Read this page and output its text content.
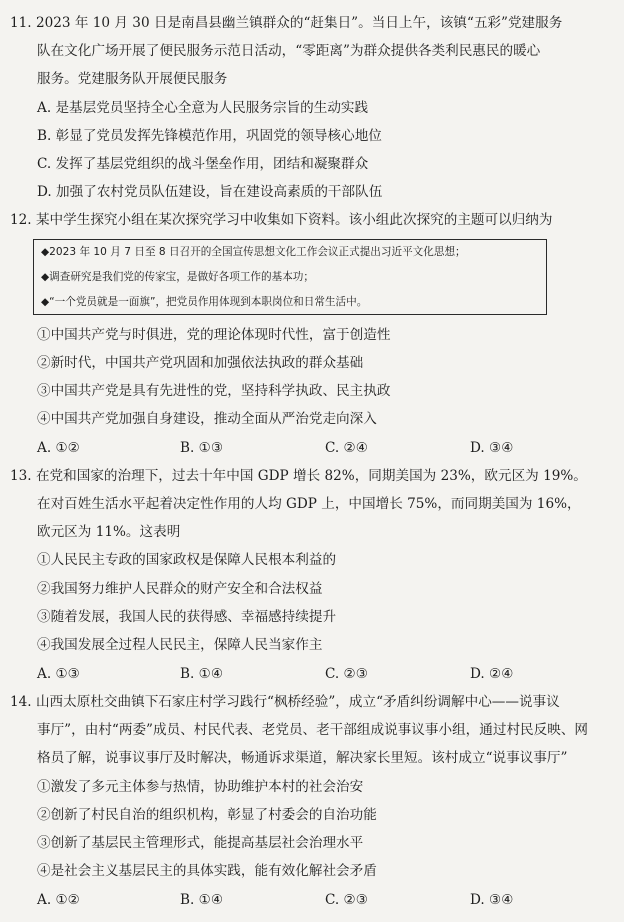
11. 2023 年 10 月 30 日是南昌县幽兰镇群众的“赶集日”。当日上午，该镇“五彩”党建服务
队在文化广场开展了便民服务示范日活动，“零距离”为群众提供各类利民惠民的暖心
服务。党建服务队开展便民服务
A. 是基层党员坚持全心全意为人民服务宗旨的生动实践
B. 彰显了党员发挥先锋模范作用，巩固党的领导核心地位
C. 发挥了基层党组织的战斗堡垒作用，团结和凝聚群众
D. 加强了农村党员队伍建设，旨在建设高素质的干部队伍
12. 某中学生探究小组在某次探究学习中收集如下资料。该小组此次探究的主题可以归纳为
◆2023 年 10 月 7 日至 8 日召开的全国宣传思想文化工作会议正式提出习近平文化思想；
◆调查研究是我们党的传家宝，是做好各项工作的基本功；
◆“一个党员就是一面旗”，把党员作用体现到本职岗位和日常生活中。
①中国共产党与时俱进，党的理论体现时代性，富于创造性
②新时代，中国共产党巩固和加强依法执政的群众基础
③中国共产党是具有先进性的党，坚持科学执政、民主执政
④中国共产党加强自身建设，推动全面从严治党走向深入
A. ①②	B. ①③	C. ②④	D. ③④
13. 在党和国家的治理下，过去十年中国 GDP 增长 82%，同期美国为 23%，欧元区为 19%。
在对百姓生活水平起着决定性作用的人均 GDP 上，中国增长 75%，而同期美国为 16%，
欧元区为 11%。这表明
①人民民主专政的国家政权是保障人民根本利益的
②我国努力维护人民群众的财产安全和合法权益
③随着发展，我国人民的获得感、幸福感持续提升
④我国发展全过程人民民主，保障人民当家作主
A. ①③	B. ①④	C. ②③	D. ②④
14. 山西太原杜交曲镇下石家庄村学习践行“枫桥经验”，成立“矛盾纠纷调解中心——说事议
事厅”，由村“两委”成员、村民代表、老党员、老干部组成说事议事小组，通过村民反映、网
格员了解，说事议事厅及时解决，畅通诉求渠道，解决家长里短。该村成立“说事议事厅”
①激发了多元主体参与热情，协助维护本村的社会治安
②创新了村民自治的组织机构，彰显了村委会的自治功能
③创新了基层民主管理形式，能提高基层社会治理水平
④是社会主义基层民主的具体实践，能有效化解社会矛盾
A. ①②	B. ①④	C. ②③	D. ③④
